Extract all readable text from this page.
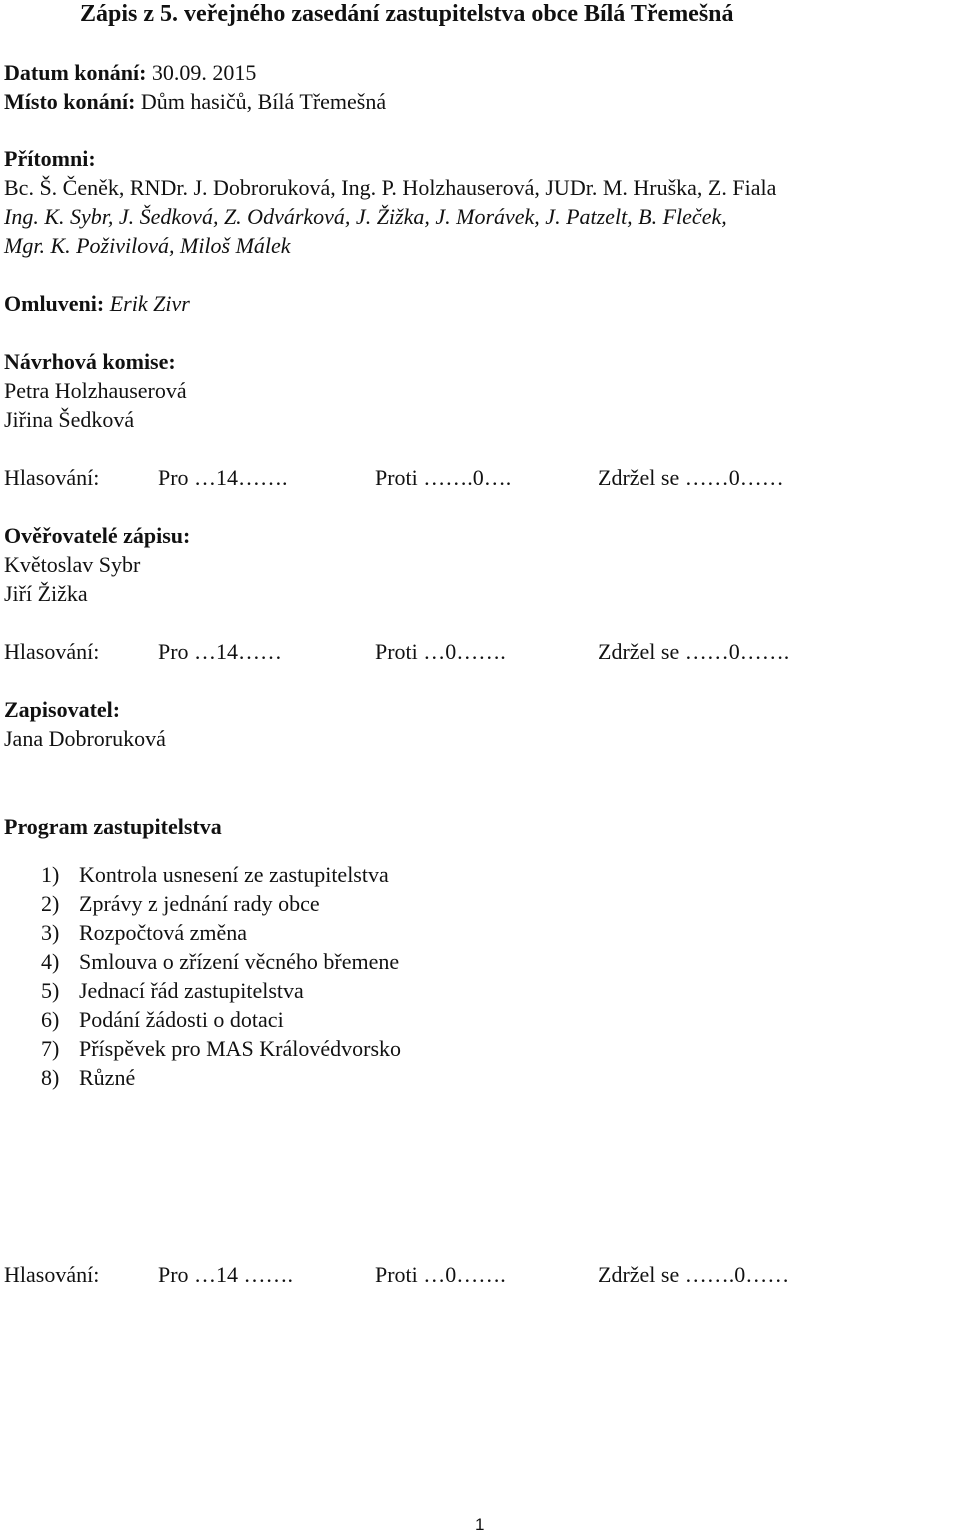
Zápis z 5. veřejného zasedání zastupitelstva obce Bílá Třemešná
Datum konání: 30.09. 2015
Místo konání: Dům hasičů, Bílá Třemešná
Přítomni:
Bc. Š. Čeněk, RNDr. J. Dobroruková, Ing. P. Holzhauserová, JUDr. M. Hruška, Z. Fiala
Ing. K. Sybr, J. Šedková, Z. Odvárková, J. Žižka, J. Morávek, J. Patzelt, B. Fleček,
Mgr. K. Poživilová, Miloš Málek
Omluveni: Erik Zivr
Návrhová komise:
Petra Holzhauserová
Jiřina Šedková
Hlasování:	Pro …14…….	Proti …….0….	Zdržel se ……0……
Ověřovatelé zápisu:
Květoslav Sybr
Jiří Žižka
Hlasování:	Pro …14……	Proti …0…….	Zdržel se ……0…….
Zapisovatel:
Jana Dobroruková
Program zastupitelstva
1) Kontrola usnesení ze zastupitelstva
2) Zprávy z jednání rady obce
3) Rozpočtová změna
4) Smlouva o zřízení věcného břemene
5) Jednací řád zastupitelstva
6) Podání žádosti o dotaci
7) Příspěvek pro MAS Královédvorsko
8) Různé
Hlasování:	Pro …14 …….	Proti …0…….	Zdržel se …….0……
1
